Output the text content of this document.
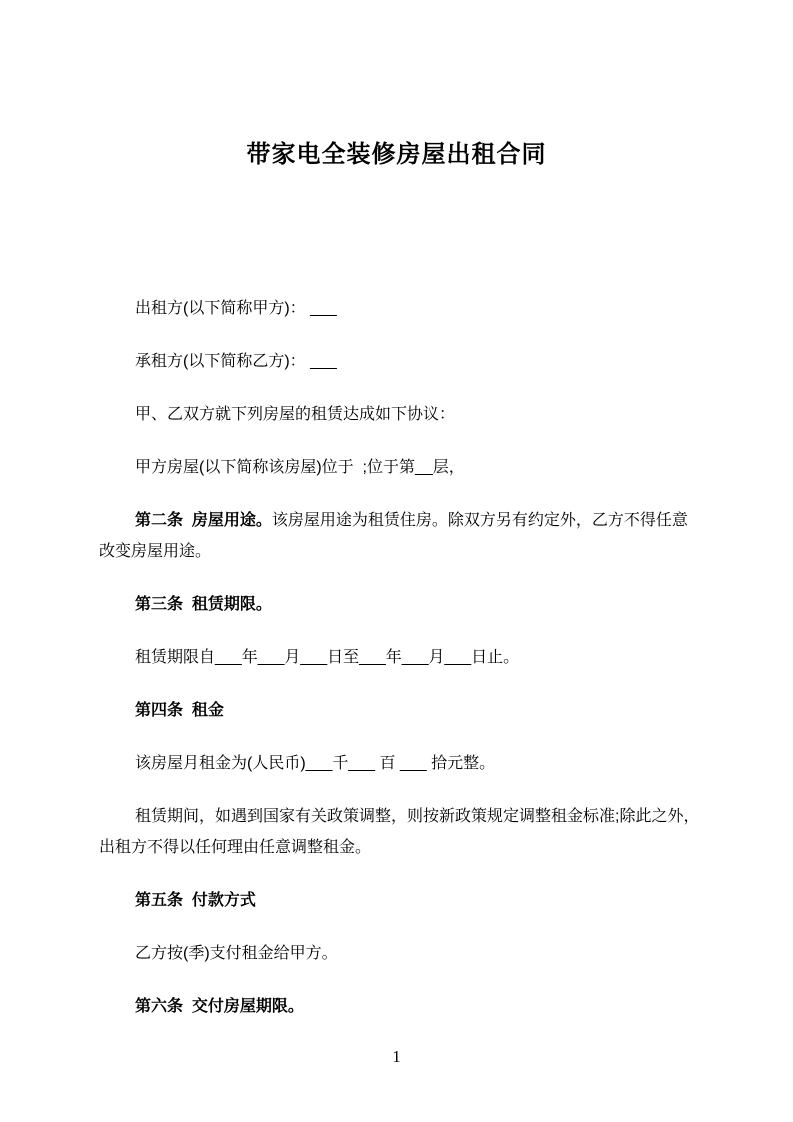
带家电全装修房屋出租合同
出租方(以下简称甲方)： ___
承租方(以下简称乙方)： ___
甲、乙双方就下列房屋的租赁达成如下协议：
甲方房屋(以下简称该房屋)位于  ;位于第__层，
第二条  房屋用途。该房屋用途为租赁住房。除双方另有约定外，乙方不得任意
改变房屋用途。
第三条  租赁期限。
租赁期限自___年___月___日至___年___月___日止。
第四条  租金
该房屋月租金为(人民币)___千___ 百 ___ 拾元整。
租赁期间，如遇到国家有关政策调整，则按新政策规定调整租金标准;除此之外，
出租方不得以任何理由任意调整租金。
第五条  付款方式
乙方按(季)支付租金给甲方。
第六条  交付房屋期限。
1
